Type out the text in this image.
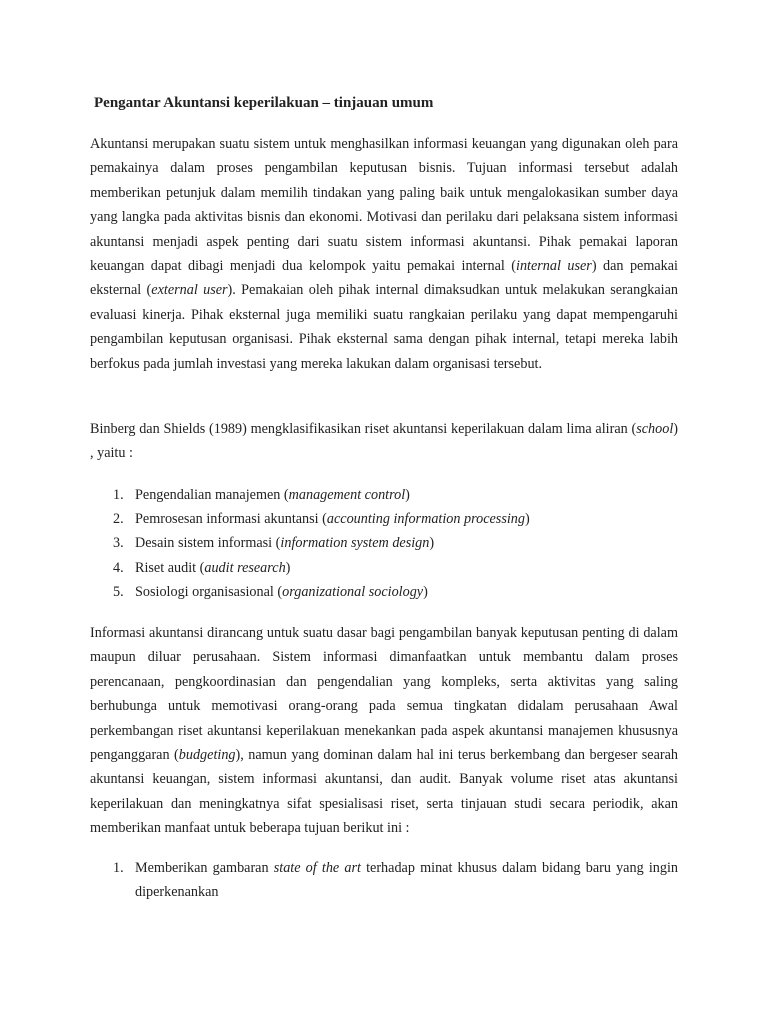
Pengantar Akuntansi keperilakuan – tinjauan umum

Akuntansi merupakan suatu sistem untuk menghasilkan informasi keuangan yang digunakan oleh para pemakainya dalam proses pengambilan keputusan bisnis. Tujuan informasi tersebut adalah memberikan petunjuk dalam memilih tindakan yang paling baik untuk mengalokasikan sumber daya yang langka pada aktivitas bisnis dan ekonomi. Motivasi dan perilaku dari pelaksana sistem informasi akuntansi menjadi aspek penting dari suatu sistem informasi akuntansi. Pihak pemakai laporan keuangan dapat dibagi menjadi dua kelompok yaitu pemakai internal (internal user) dan pemakai eksternal (external user). Pemakaian oleh pihak internal dimaksudkan untuk melakukan serangkaian evaluasi kinerja. Pihak eksternal juga memiliki suatu rangkaian perilaku yang dapat mempengaruhi pengambilan keputusan organisasi. Pihak eksternal sama dengan pihak internal, tetapi mereka labih berfokus pada jumlah investasi yang mereka lakukan dalam organisasi tersebut.

Binberg dan Shields (1989) mengklasifikasikan riset akuntansi keperilakuan dalam lima aliran (school) , yaitu :

1. Pengendalian manajemen (management control)
2. Pemrosesan informasi akuntansi (accounting information processing)
3. Desain sistem informasi (information system design)
4. Riset audit (audit research)
5. Sosiologi organisasional (organizational sociology)

Informasi akuntansi dirancang untuk suatu dasar bagi pengambilan banyak keputusan penting di dalam maupun diluar perusahaan. Sistem informasi dimanfaatkan untuk membantu dalam proses perencanaan, pengkoordinasian dan pengendalian yang kompleks, serta aktivitas yang saling berhubunga untuk memotivasi orang-orang pada semua tingkatan didalam perusahaan Awal perkembangan riset akuntansi keperilakuan menekankan pada aspek akuntansi manajemen khususnya penganggaran (budgeting), namun yang dominan dalam hal ini terus berkembang dan bergeser searah akuntansi keuangan, sistem informasi akuntansi, dan audit. Banyak volume riset atas akuntansi keperilakuan dan meningkatnya sifat spesialisasi riset, serta tinjauan studi secara periodik, akan memberikan manfaat untuk beberapa tujuan berikut ini :

1. Memberikan gambaran state of the art terhadap minat khusus dalam bidang baru yang ingin diperkenankan
